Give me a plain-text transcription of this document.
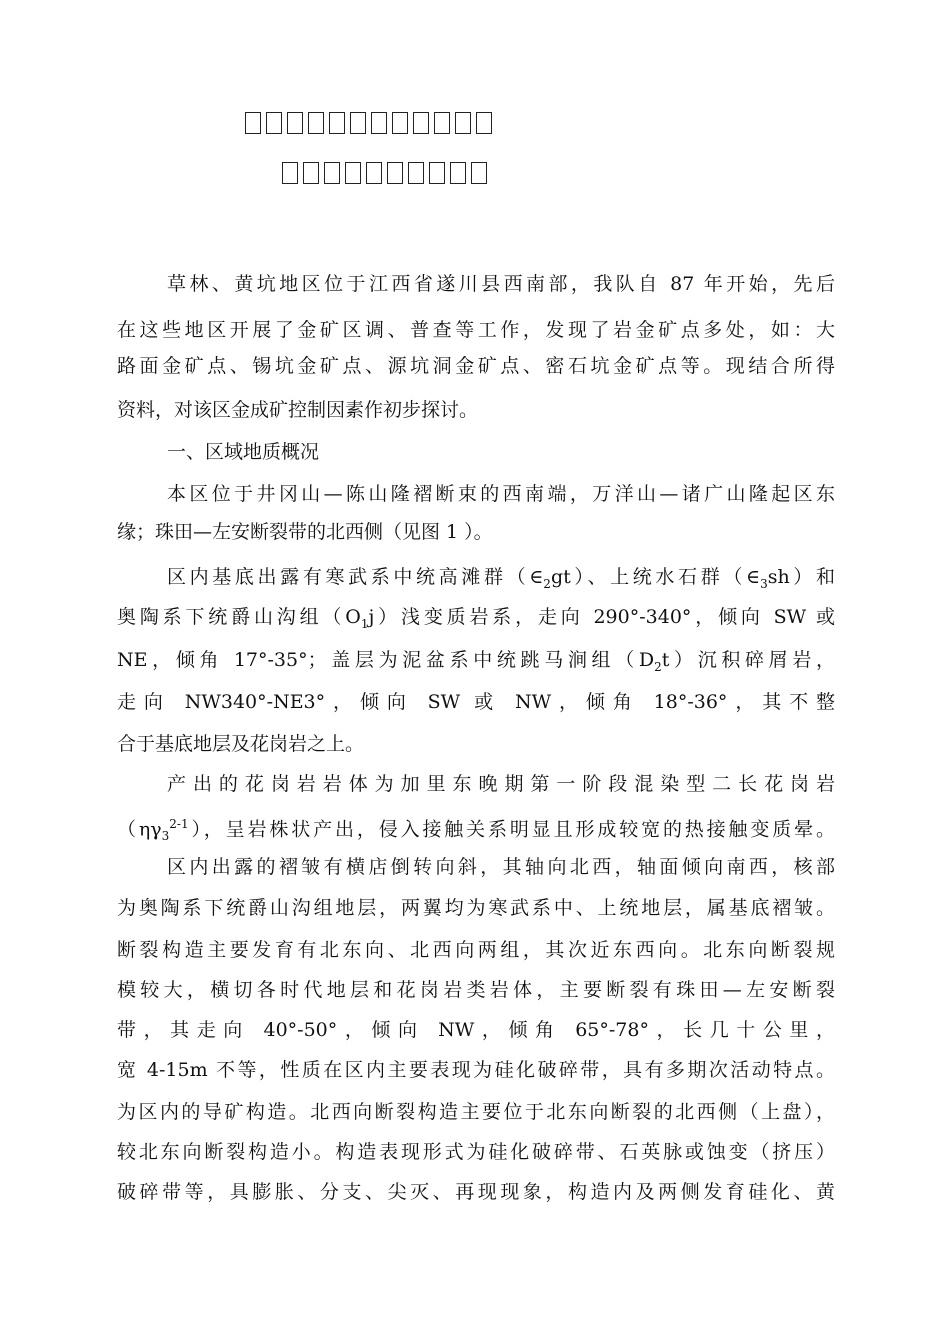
草林、黄坑地区位于江西省遂川县西南部，我队自 87 年开始，先后
在这些地区开展了金矿区调、普查等工作，发现了岩金矿点多处，如：大
路面金矿点、锡坑金矿点、源坑洞金矿点、密石坑金矿点等。现结合所得
资料，对该区金成矿控制因素作初步探讨。
一、区域地质概况
本区位于井冈山—陈山隆褶断束的西南端，万洋山—诸广山隆起区东
缘；珠田—左安断裂带的北西侧（见图 1 ）。
区内基底出露有寒武系中统高滩群$(\in_2gt)$、上统水石群$(\in_3sh)$和
奥陶系下统爵山沟组$(O_1j)$浅变质岩系，走向 290°-340°，倾向 SW 或
NE，倾角 17°-35°；盖层为泥盆系中统跳马涧组$(D_2t)$沉积碎屑岩，
走向 NW340°-NE3°，倾向 SW 或 NW，倾角 18°-36°，其不整
合于基底地层及花岗岩之上。
产出的花岗岩岩体为加里东晚期第一阶段混染型二长花岗岩
$(\eta\gamma_3^{2-1})$，呈岩株状产出，侵入接触关系明显且形成较宽的热接触变质晕。
区内出露的褶皱有横店倒转向斜，其轴向北西，轴面倾向南西，核部
为奥陶系下统爵山沟组地层，两翼均为寒武系中、上统地层，属基底褶皱。
断裂构造主要发育有北东向、北西向两组，其次近东西向。北东向断裂规
模较大，横切各时代地层和花岗岩类岩体，主要断裂有珠田—左安断裂
带，其走向 40°-50°，倾向 NW，倾角 65°-78°，长几十公里，
宽 4-15m 不等，性质在区内主要表现为硅化破碎带，具有多期次活动特点。
为区内的导矿构造。北西向断裂构造主要位于北东向断裂的北西侧（上盘），
较北东向断裂构造小。构造表现形式为硅化破碎带、石英脉或蚀变（挤压）
破碎带等，具膨胀、分支、尖灭、再现现象，构造内及两侧发育硅化、黄
